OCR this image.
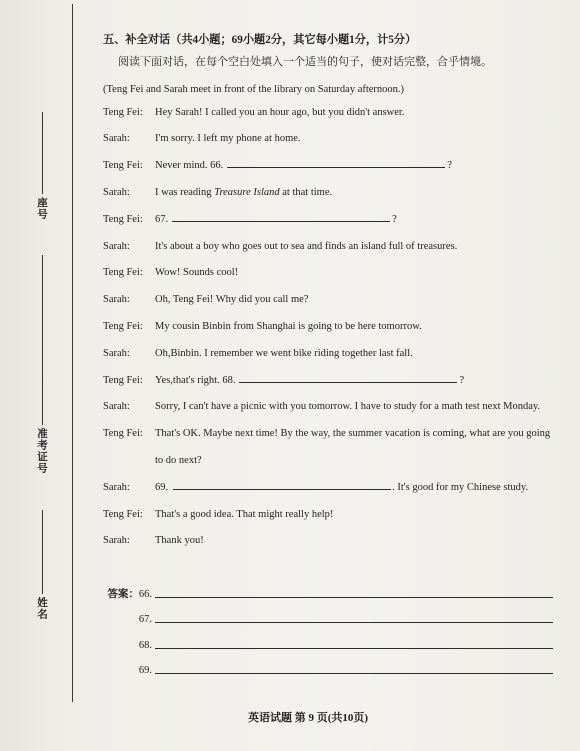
座号
准考证号
姓名
五、补全对话（共4小题；69小题2分，其它每小题1分，计5分）
阅读下面对话，在每个空白处填入一个适当的句子，使对话完整，合乎情境。
(Teng Fei and Sarah meet in front of the library on Saturday afternoon.)
Teng Fei:	Hey Sarah! I called you an hour ago, but you didn't answer.
Sarah:	I'm sorry. I left my phone at home.
Teng Fei:	Never mind. 66.	?
Sarah:	I was reading Treasure Island at that time.
Teng Fei:	67.	?
Sarah:	It's about a boy who goes out to sea and finds an island full of treasures.
Teng Fei:	Wow! Sounds cool!
Sarah:	Oh, Teng Fei! Why did you call me?
Teng Fei:	My cousin Binbin from Shanghai is going to be here tomorrow.
Sarah:	Oh,Binbin. I remember we went bike riding together last fall.
Teng Fei:	Yes,that's right. 68.	?
Sarah:	Sorry, I can't have a picnic with you tomorrow. I have to study for a math test next Monday.
Teng Fei:	That's OK. Maybe next time! By the way, the summer vacation is coming, what are you going to do next?
Sarah:	69.	. It's good for my Chinese study.
Teng Fei:	That's a good idea. That might really help!
Sarah:	Thank you!
答案：66.
67.
68.
69.
英语试题 第 9 页(共10页)
